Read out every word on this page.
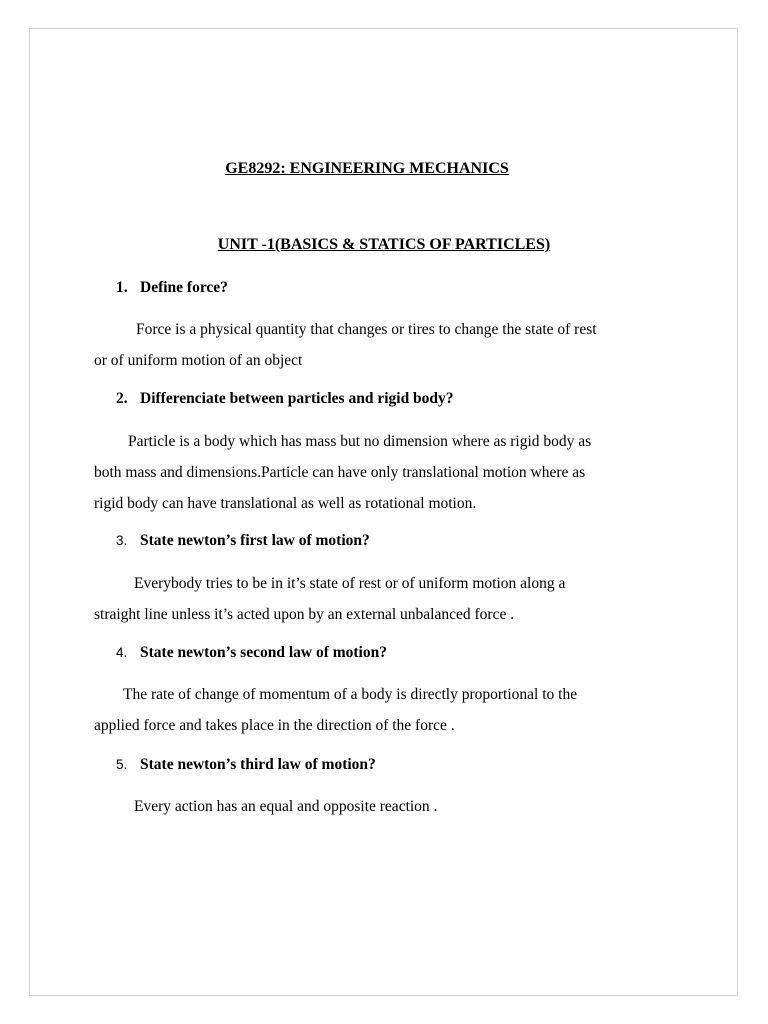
GE8292: ENGINEERING MECHANICS
UNIT -1(BASICS & STATICS OF PARTICLES)
1. Define force?
Force is a physical quantity that changes or tires to change the state of rest
or of uniform motion of an object
2. Differenciate between particles and rigid body?
Particle is a body which has mass but no dimension where as rigid body as
both mass and dimensions.Particle can have only translational motion where as
rigid body can have translational as well as rotational motion.
3. State newton’s first law of motion?
Everybody tries to be in it’s state of rest or of uniform motion along a
straight line unless it’s acted upon by an external unbalanced force .
4. State newton’s second law of motion?
The rate of change of momentum of a body is directly proportional to the
applied force and takes place in the direction of the force .
5. State newton’s third law of motion?
Every action has an equal and opposite reaction .
